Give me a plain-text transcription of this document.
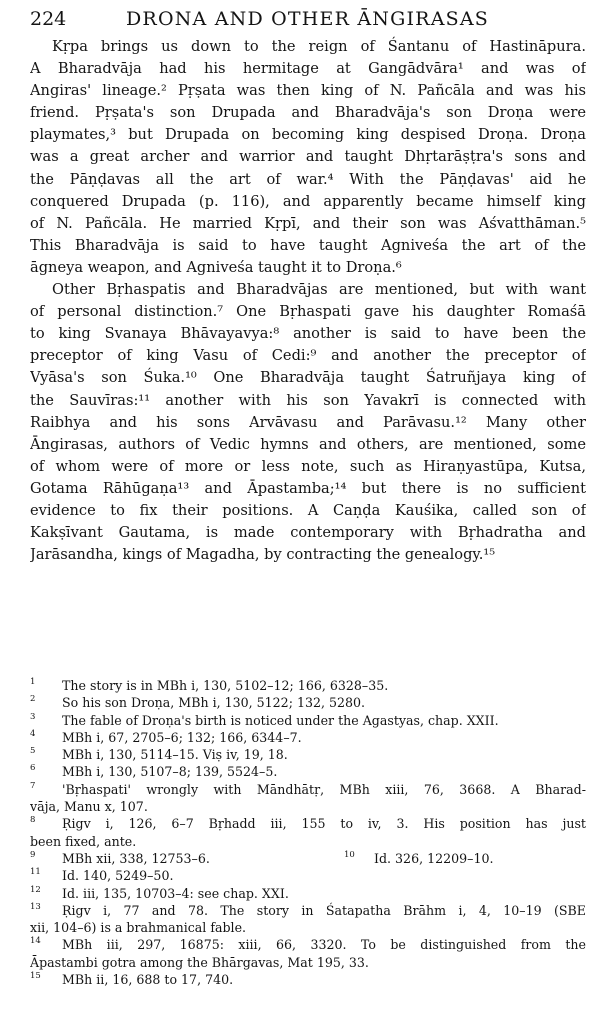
224	DRONA AND OTHER ĀNGIRASAS
Kṛpa brings us down to the reign of Śantanu of Hastināpura.
A Bharadvāja had his hermitage at Gangādvāra¹ and was of
Angiras' lineage.² Pṛṣata was then king of N. Pañcāla and was his
friend. Pṛṣata's son Drupada and Bharadvāja's son Droṇa were
playmates,³ but Drupada on becoming king despised Droṇa. Droṇa
was a great archer and warrior and taught Dhṛtarāṣṭra's sons and
the Pāṇḍavas all the art of war.⁴ With the Pāṇḍavas' aid he
conquered Drupada (p. 116), and apparently became himself king
of N. Pañcāla. He married Kṛpī, and their son was Aśvatthāman.⁵
This Bharadvāja is said to have taught Agniveśa the art of the
āgneya weapon, and Agniveśa taught it to Droṇa.⁶
Other Bṛhaspatis and Bharadvājas are mentioned, but with want
of personal distinction.⁷ One Bṛhaspati gave his daughter Romaśā
to king Svanaya Bhāvayavya:⁸ another is said to have been the
preceptor of king Vasu of Cedi:⁹ and another the preceptor of
Vyāsa's son Śuka.¹⁰ One Bharadvāja taught Śatruñjaya king of
the Sauvīras:¹¹ another with his son Yavakrī is connected with
Raibhya and his sons Arvāvasu and Parāvasu.¹² Many other
Āngirasas, authors of Vedic hymns and others, are mentioned, some
of whom were of more or less note, such as Hiraṇyastūpa, Kutsa,
Gotama Rāhūgaṇa¹³ and Āpastamba;¹⁴ but there is no sufficient
evidence to fix their positions. A Caṇḍa Kauśika, called son of
Kakṣīvant Gautama, is made contemporary with Bṛhadratha and
Jarāsandha, kings of Magadha, by contracting the genealogy.¹⁵
1	The story is in MBh i, 130, 5102–12; 166, 6328–35.
2	So his son Droṇa, MBh i, 130, 5122; 132, 5280.
3	The fable of Droṇa's birth is noticed under the Agastyas, chap. XXII.
4	MBh i, 67, 2705–6; 132; 166, 6344–7.
5	MBh i, 130, 5114–15. Viṣ iv, 19, 18.
6	MBh i, 130, 5107–8; 139, 5524–5.
7	'Bṛhaspati' wrongly with Māndhātṛ, MBh xiii, 76, 3668. A Bharad-
vāja, Manu x, 107.
8	Ṛigv i, 126, 6–7 Bṛhadd iii, 155 to iv, 3. His position has just
been fixed, ante.
9	MBh xii, 338, 12753–6.	10	Id. 326, 12209–10.
11	Id. 140, 5249–50.
12	Id. iii, 135, 10703–4: see chap. XXI.
13	Ṛigv i, 77 and 78. The story in Śatapatha Brāhm i, 4, 10–19 (SBE
xii, 104–6) is a brahmanical fable.
14	MBh iii, 297, 16875: xiii, 66, 3320. To be distinguished from the
Āpastambi gotra among the Bhārgavas, Mat 195, 33.
15	MBh ii, 16, 688 to 17, 740.
